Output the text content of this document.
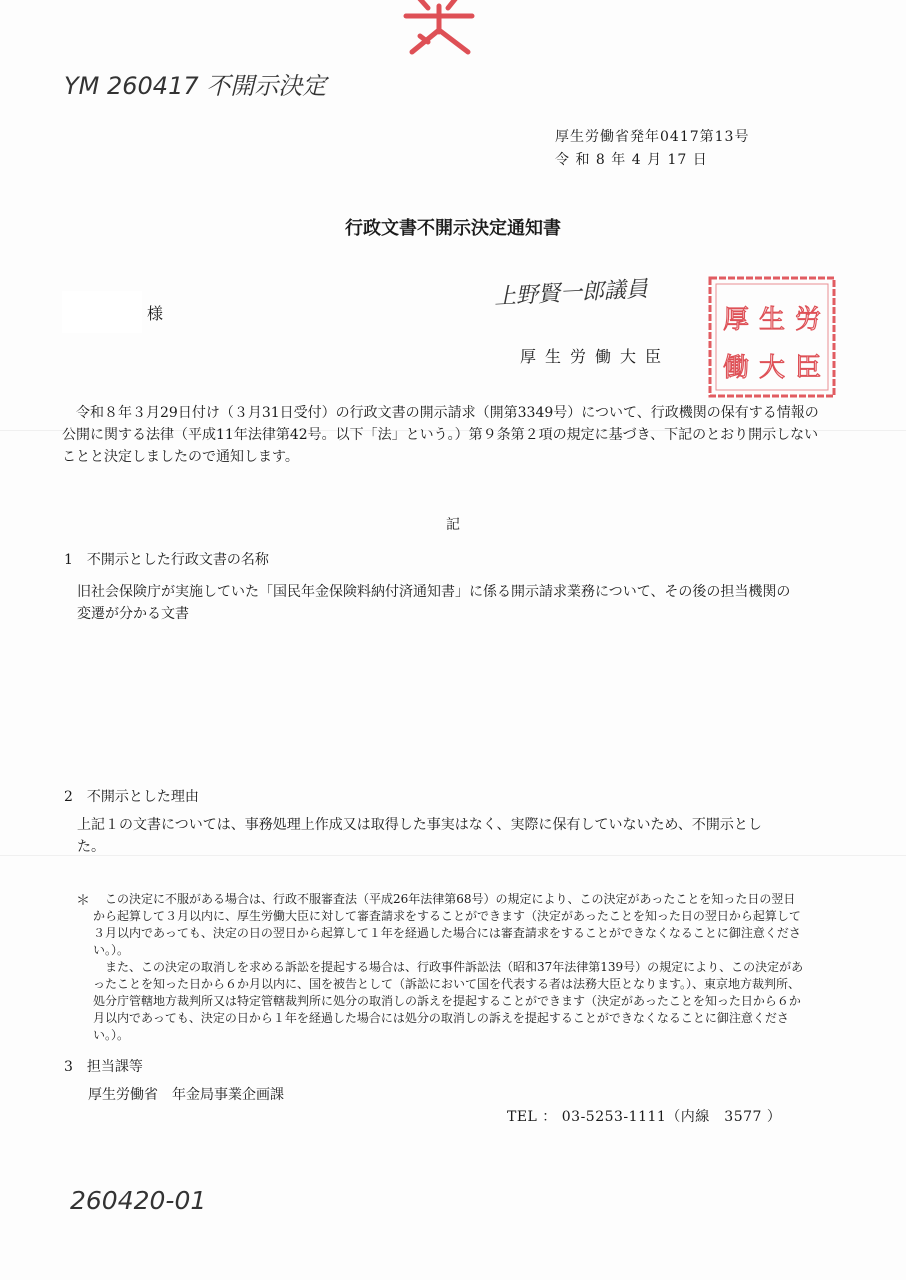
YM 260417 不開示決定
厚生労働省発年0417第13号
令 和 8 年 4 月 17 日
行政文書不開示決定通知書
様
上野賢一郎議員
厚生労働大臣
厚 生 労
働 大 臣
令和８年３月29日付け（３月31日受付）の行政文書の開示請求（開第3349号）について、行政機関の保有する情報の公開に関する法律（平成11年法律第42号。以下「法」という。）第９条第２項の規定に基づき、下記のとおり開示しないことと決定しましたので通知します。
記
1　不開示とした行政文書の名称
旧社会保険庁が実施していた「国民年金保険料納付済通知書」に係る開示請求業務について、その後の担当機関の変遷が分かる文書
2　不開示とした理由
上記１の文書については、事務処理上作成又は取得した事実はなく、実際に保有していないため、不開示とした。
＊	この決定に不服がある場合は、行政不服審査法（平成26年法律第68号）の規定により、この決定があったことを知った日の翌日から起算して３月以内に、厚生労働大臣に対して審査請求をすることができます（決定があったことを知った日の翌日から起算して３月以内であっても、決定の日の翌日から起算して１年を経過した場合には審査請求をすることができなくなることに御注意ください。）。

また、この決定の取消しを求める訴訟を提起する場合は、行政事件訴訟法（昭和37年法律第139号）の規定により、この決定があったことを知った日から６か月以内に、国を被告として（訴訟において国を代表する者は法務大臣となります。）、東京地方裁判所、処分庁管轄地方裁判所又は特定管轄裁判所に処分の取消しの訴えを提起することができます（決定があったことを知った日から６か月以内であっても、決定の日から１年を経過した場合には処分の取消しの訴えを提起することができなくなることに御注意ください。）。

3　担当課等
厚生労働省　年金局事業企画課
TEL ： 03-5253-1111（内線　3577 ）
260420-01
